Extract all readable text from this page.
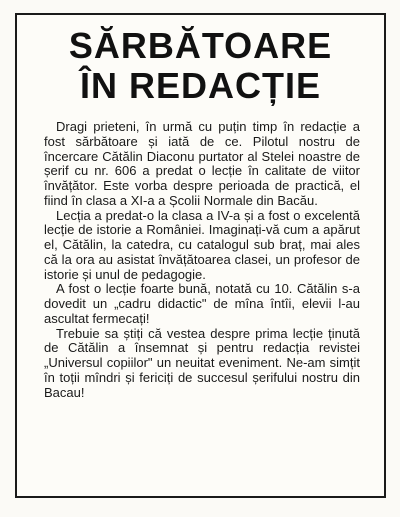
SĂRBĂTOARE
ÎN REDACȚIE

Dragi prieteni, în urmă cu puțin timp în redacție a fost sărbătoare și iată de ce. Pilotul nostru de încercare Cătălin Diaconu purtator al Stelei noastre de șerif cu nr. 606 a predat o lecție în calitate de viitor învățător. Este vorba despre perioada de practică, el fiind în clasa a XI-a a Școlii Normale din Bacău.

Lecția a predat-o la clasa a IV-a și a fost o excelentă lecție de istorie a României. Imaginați-vă cum a apărut el, Cătălin, la catedra, cu catalogul sub braț, mai ales că la ora au asistat învățătoarea clasei, un profesor de istorie și unul de pedagogie.

A fost o lecție foarte bună, notată cu 10. Cătălin s-a dovedit un „cadru didactic" de mîna întîi, elevii l-au ascultat fermecați!

Trebuie sa știți că vestea despre prima lecție ținută de Cătălin a însemnat și pentru redacția revistei „Universul copiilor" un neuitat eveniment. Ne-am simțit în toții mîndri și fericiți de succesul șerifului nostru din Bacau!
